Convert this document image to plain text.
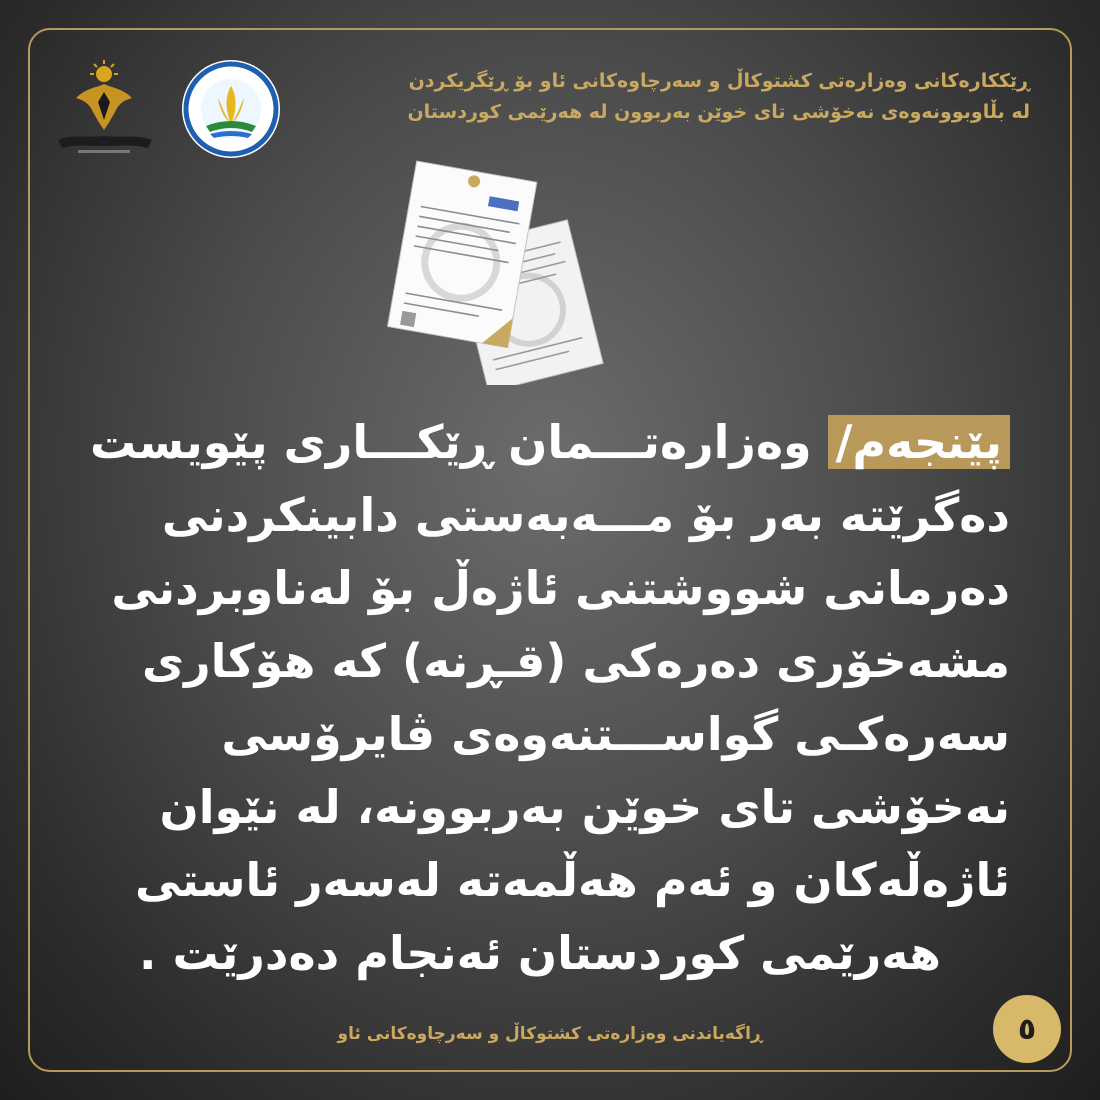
ڕێککارەکانی وەزارەتی کشتوکاڵ و سەرچاوەکانی ئاو بۆ ڕێگریکردن
لە بڵاوبوونەوەی نەخۆشی تای خوێن بەربوون لە هەرێمی کوردستان
پێنجەم/ وەزارەتـــمان ڕێکـــاری پێویست
دەگرێتە بەر بۆ مـــەبەستی دابینکردنی
دەرمانی شووشتنی ئاژەڵ بۆ لەناوبردنی
مشەخۆری دەرەکی (قـڕنە) کە هۆکاری
سەرەکـی گواســـتنەوەی ڤایرۆسی
نەخۆشی تای خوێن بەربوونە، لە نێوان
ئاژەڵەکان و ئەم هەڵمەتە لەسەر ئاستی
هەرێمی کوردستان ئەنجام دەدرێت .
٥
ڕاگەیاندنی وەزارەتی کشتوکاڵ و سەرچاوەکانی ئاو
